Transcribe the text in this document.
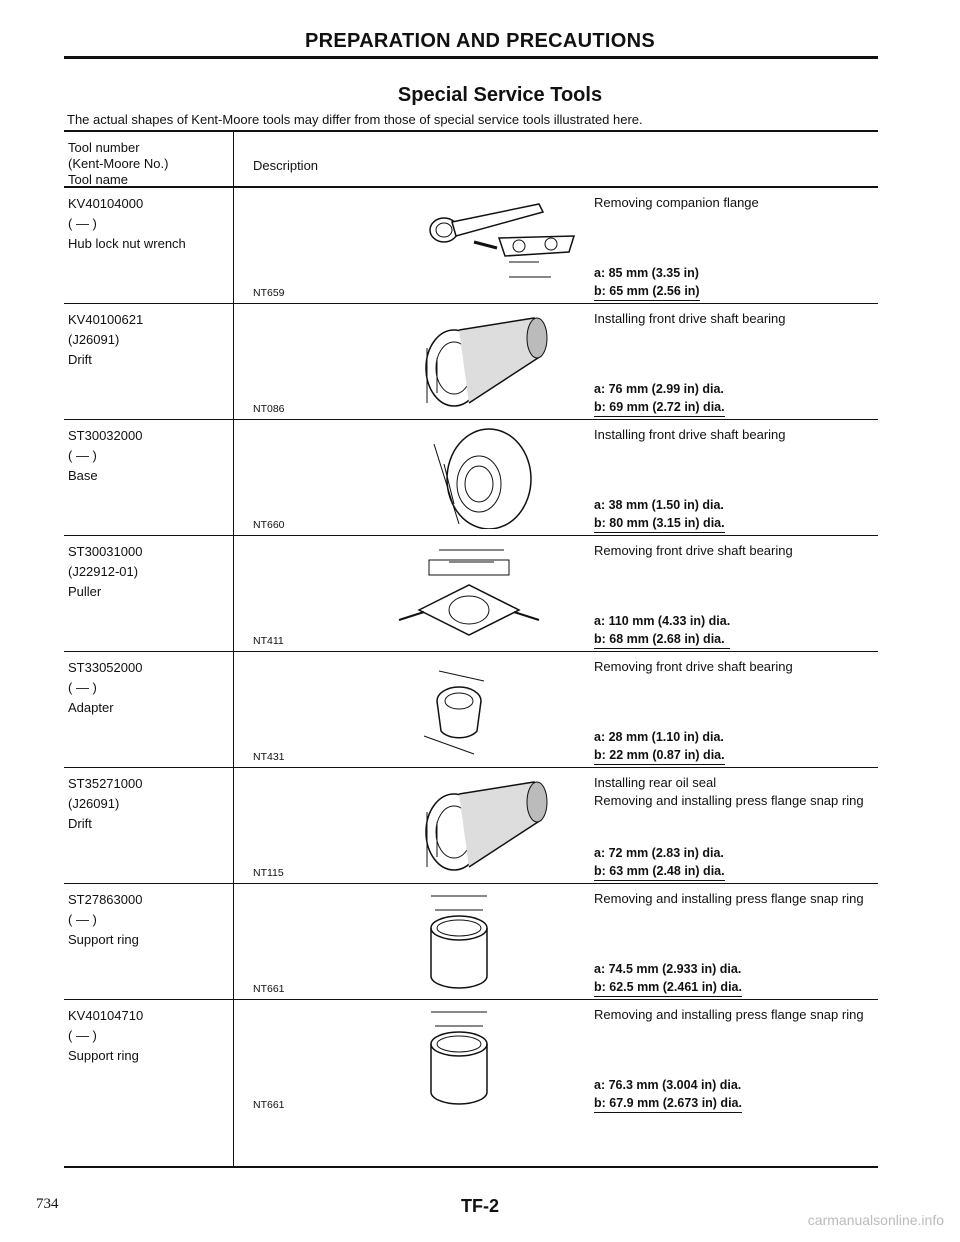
PREPARATION AND PRECAUTIONS
Special Service Tools
The actual shapes of Kent-Moore tools may differ from those of special service tools illustrated here.
Tool number
(Kent-Moore No.)
Tool name
Description
KV40104000
( — )
Hub lock nut wrench
NT659
Removing companion flange
a: 85 mm (3.35 in)
b: 65 mm (2.56 in)
KV40100621
(J26091)
Drift
NT086
Installing front drive shaft bearing
a: 76 mm (2.99 in) dia.
b: 69 mm (2.72 in) dia.
ST30032000
( — )
Base
NT660
Installing front drive shaft bearing
a: 38 mm (1.50 in) dia.
b: 80 mm (3.15 in) dia.
ST30031000
(J22912-01)
Puller
NT411
Removing front drive shaft bearing
a: 110 mm (4.33 in) dia.
b: 68 mm (2.68 in) dia.
ST33052000
( — )
Adapter
NT431
Removing front drive shaft bearing
a: 28 mm (1.10 in) dia.
b: 22 mm (0.87 in) dia.
ST35271000
(J26091)
Drift
NT115
Installing rear oil seal
Removing and installing press flange snap ring
a: 72 mm (2.83 in) dia.
b: 63 mm (2.48 in) dia.
ST27863000
( — )
Support ring
NT661
Removing and installing press flange snap ring
a: 74.5 mm (2.933 in) dia.
b: 62.5 mm (2.461 in) dia.
KV40104710
( — )
Support ring
NT661
Removing and installing press flange snap ring
a: 76.3 mm (3.004 in) dia.
b: 67.9 mm (2.673 in) dia.
734	TF-2
carmanualsonline.info
